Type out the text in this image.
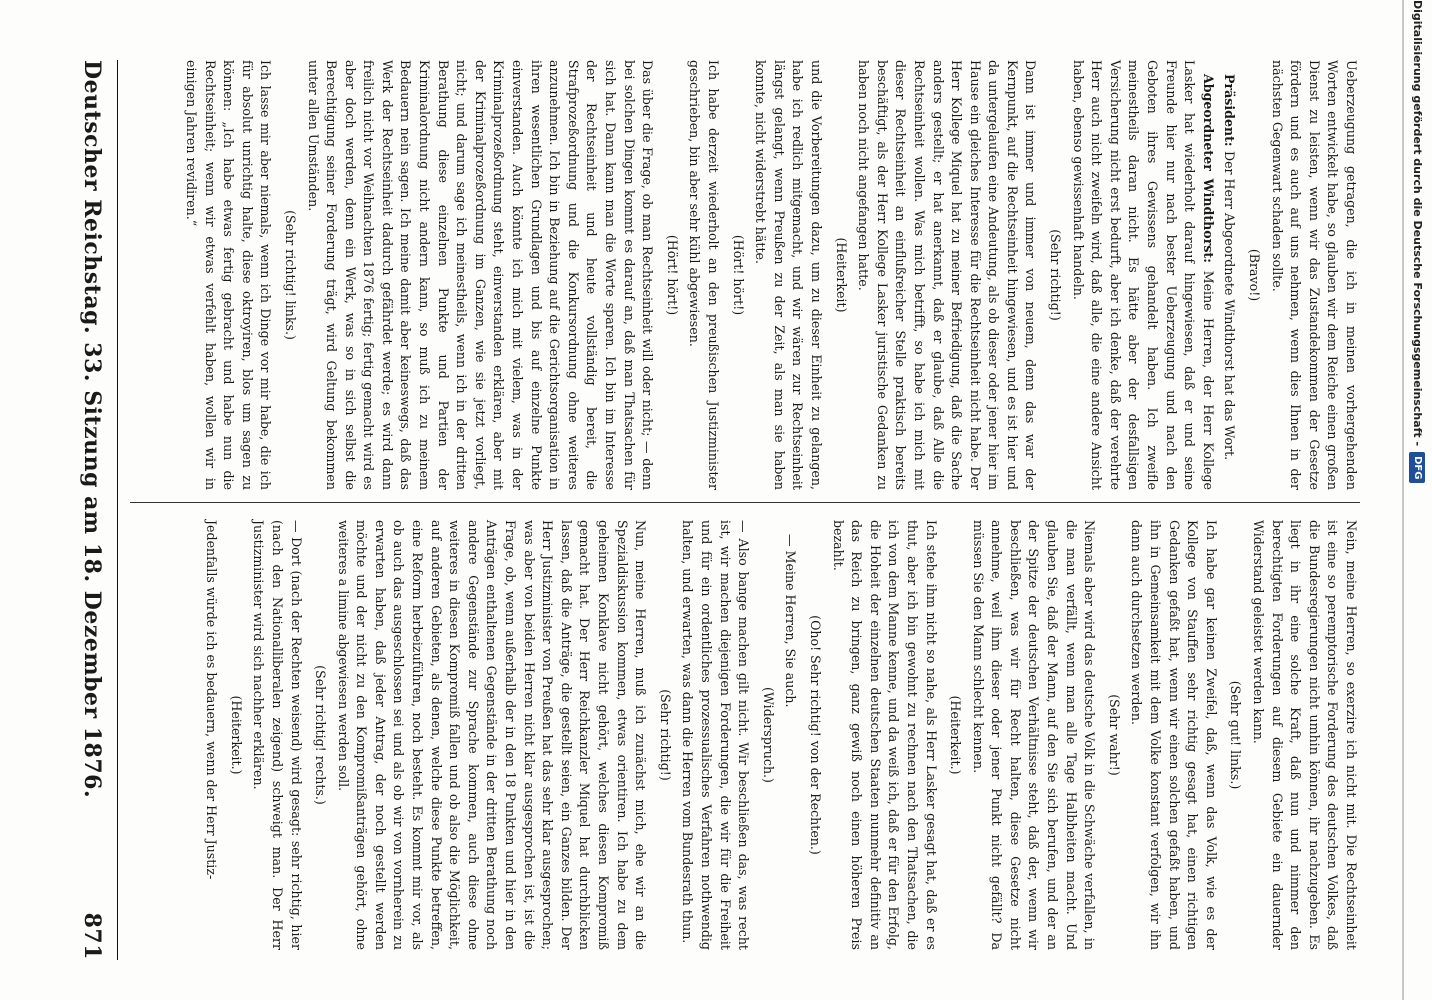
Deutscher Reichstag. 33. Sitzung am 18. Dezember 1876.
871

Ueberzeugung getragen, die ich in meinen vorhergehenden Worten entwickelt habe, so glauben wir dem Reiche einen großen Dienst zu leisten, wenn wir das Zustandekommen der Gesetze fördern und es auch auf uns nehmen, wenn dies Ihnen in der nächsten Gegenwart schaden sollte.

(Bravo!)

Präsident: Der Herr Abgeordnete Windthorst hat das Wort.

Abgeordneter Windthorst: Meine Herren, der Herr Kollege Lasker hat wiederholt darauf hingewiesen, daß er und seine Freunde hier nur nach bester Ueberzeugung und nach den Geboten ihres Gewissens gehandelt haben. Ich zweifle meinestheils daran nicht. Es hätte aber der desfallsigen Versicherung nicht erst bedurft, aber ich denke, daß der verehrte Herr auch nicht zweifeln wird, daß alle, die eine andere Ansicht haben, ebenso gewissenhaft handeln.

(Sehr richtig!)

Dann ist immer und immer von neuem, denn das war der Kernpunkt, auf die Rechtseinheit hingewiesen, und es ist hier und da untergelaufen eine Andeutung, als ob dieser oder jener hier im Hause ein gleiches Interesse für die Rechtseinheit nicht habe. Der Herr Kollege Miquel hat zu meiner Befriedigung, daß die Sache anders gestellt; er hat anerkannt, daß er glaube, daß Alle die Rechtseinheit wollen. Was mich betrifft, so habe ich mich mit dieser Rechtseinheit an einflußreicher Stelle praktisch bereits beschäftigt, als der Herr Kollege Lasker juristische Gedanken zu haben noch nicht angefangen hatte.

(Heiterkeit)

und die Vorbereitungen dazu, um zu dieser Einheit zu gelangen, habe ich redlich mitgemacht, und wir wären zur Rechtseinheit längst gelangt, wenn Preußen zu der Zeit, als man sie haben konnte, nicht widerstrebt hätte.

(Hört! hört!)

Ich habe derzeit wiederholt an den preußischen Justizminister geschrieben, bin aber sehr kühl abgewiesen.

(Hört! hört!)

Das über die Frage, ob man Rechtseinheit will oder nicht; — denn bei solchen Dingen kommt es darauf an, daß man Thatsachen für sich hat. Dann kann man die Worte sparen. Ich bin im Interesse der Rechtseinheit und heute vollständig bereit, die Strafprozeßordnung und die Konkursordnung ohne weiteres anzunehmen. Ich bin in Beziehung auf die Gerichtsorganisation in ihren wesentlichen Grundlagen und bis auf einzelne Punkte einverstanden. Auch könnte ich mich mit vielem, was in der Kriminalprozeßordnung steht, einverstanden erklären, aber mit der Kriminalprozeßordnung im Ganzen, wie sie jetzt vorliegt, nicht; und darum sage ich meinestheils, wenn ich in der dritten Berathung diese einzelnen Punkte und Partien der Kriminalordnung nicht andern kann, so muß ich zu meinem Bedauern nein sagen. Ich meine damit aber keineswegs, daß das Werk der Rechtseinheit dadurch gefährdet werde; es wird dann freilich nicht vor Weihnachten 1876 fertig; fertig gemacht wird es aber doch werden, denn ein Werk, was so in sich selbst die Berechtigung seiner Forderung trägt, wird Geltung bekommen unter allen Umständen.

(Sehr richtig! links.)

Ich lasse mir aber niemals, wenn ich Dinge vor mir habe, die ich für absolut unrichtig halte, diese oktroyiren, blos um sagen zu können: „Ich habe etwas fertig gebracht und habe nun die Rechtseinheit; wenn wir etwas verfehlt haben, wollen wir in einigen Jahren revidiren.“

Nein, meine Herren, so exerzire ich nicht mit. Die Rechtseinheit ist eine so peremptorische Forderung des deutschen Volkes, daß die Bundesregierungen nicht umhin können, ihr nachzugeben. Es liegt in ihr eine solche Kraft, daß nun und nimmer den berechtigten Forderungen auf diesem Gebiete ein dauernder Widerstand geleistet werden kann.

(Sehr gut! links.)

Ich habe gar keinen Zweifel, daß, wenn das Volk, wie es der Kollege von Stauffen sehr richtig gesagt hat, einen richtigen Gedanken gefaßt hat, wenn wir einen solchen gefaßt haben, und ihn in Gemeinsamkeit mit dem Volke konstant verfolgen, wir ihn dann auch durchsetzen werden.

(Sehr wahr!)

Niemals aber wird das deutsche Volk in die Schwäche verfallen, in die man verfällt, wenn man alle Tage Halbheiten macht. Und glauben Sie, daß der Mann, auf den Sie sich berufen, und der an der Spitze der deutschen Verhältnisse steht, daß der, wenn wir beschließen, was wir für Recht halten, diese Gesetze nicht annehme, weil ihm dieser oder jener Punkt nicht gefällt? Da müssen Sie den Mann schlecht kennen.

(Heiterkeit.)

Ich stehe ihm nicht so nahe, als Herr Lasker gesagt hat, daß er es thut, aber ich bin gewohnt zu rechnen nach den Thatsachen, die ich von dem Manne kenne, und da weiß ich, daß er für den Erfolg, die Hoheit der einzelnen deutschen Staaten nunmehr definitiv an das Reich zu bringen, ganz gewiß noch einen höheren Preis bezahlt.

(Oho! Sehr richtig! von der Rechten.)

— Meine Herren, Sie auch.

(Widerspruch.)

— Also bange machen gilt nicht. Wir beschließen das, was recht ist, wir machen diejenigen Forderungen, die wir für die Freiheit und für ein ordentliches prozessualisches Verfahren nothwendig halten, und erwarten, was dann die Herren vom Bundesrath thun.

(Sehr richtig!)

Nun, meine Herren, muß ich zunächst mich, ehe wir an die Spezialdiskussion kommen, etwas orientiren. Ich habe zu dem geheimen Konklave nicht gehört, welches diesen Kompromiß gemacht hat. Der Herr Reichkanzler Miquel hat durchblicken lassen, daß die Anträge, die gestellt seien, ein Ganzes bilden. Der Herr Justizminister von Preußen hat das sehr klar ausgesprochen; was aber von beiden Herren nicht klar ausgesprochen ist, ist die Frage, ob, wenn außerhalb der in den 18 Punkten und hier in den Anträgen enthaltenen Gegenstände in der dritten Berathung noch andere Gegenstände zur Sprache kommen, auch diese ohne weiteres in diesen Kompromiß fallen und ob also die Möglichkeit, auf anderen Gebieten, als denen, welche diese Punkte betreffen, eine Reform herbeizuführen, noch besteht. Es kommt mir vor, als ob auch das ausgeschlossen sei und als ob wir von vornherein zu erwarten haben, daß jeder Antrag, der noch gestellt werden möchte und der nicht zu den Kompromißanträgen gehört, ohne weiteres a limine abgewiesen werden soll.

(Sehr richtig! rechts.)

— Dort (nach der Rechten weisend) wird gesagt: sehr richtig, hier (nach den Nationalliberalen zeigend) schweigt man. Der Herr Justizminister wird sich nachher erklären.

(Heiterkeit.)

Jedenfalls würde ich es bedauern, wenn der Herr Justiz-

Digitalisierung gefördert durch die Deutsche Forschungsgemeinschaft -
DFG
